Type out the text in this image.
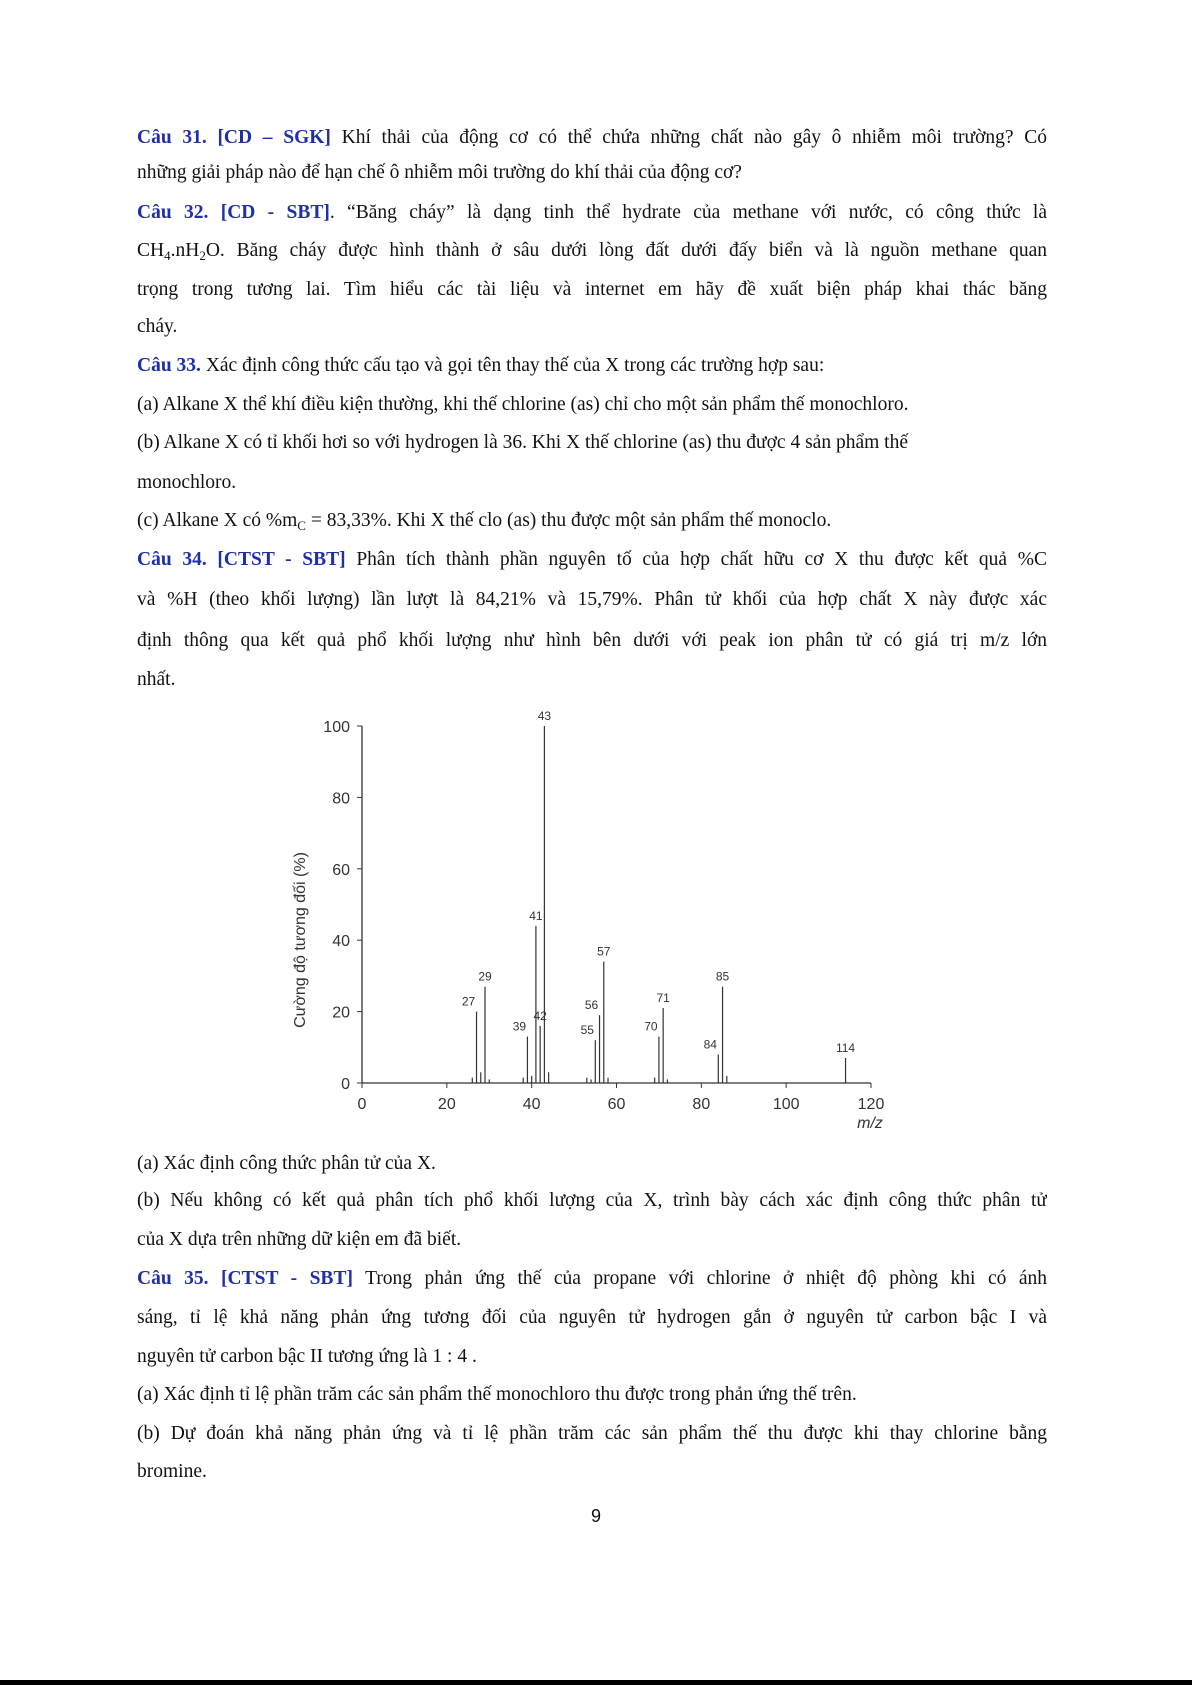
Câu 31. [CD – SGK] Khí thải của động cơ có thể chứa những chất nào gây ô nhiễm môi trường? Có
những giải pháp nào để hạn chế ô nhiễm môi trường do khí thải của động cơ?
Câu 32. [CD - SBT]. “Băng cháy” là dạng tinh thể hydrate của methane với nước, có công thức là
$CH_4.nH_2O$. Băng cháy được hình thành ở sâu dưới lòng đất dưới đấy biển và là nguồn methane quan
trọng trong tương lai. Tìm hiểu các tài liệu và internet em hãy đề xuất biện pháp khai thác băng
cháy.
Câu 33. Xác định công thức cấu tạo và gọi tên thay thế của X trong các trường hợp sau:
(a) Alkane X thể khí điều kiện thường, khi thế chlorine (as) chỉ cho một sản phẩm thế monochloro.
(b) Alkane X có tỉ khối hơi so với hydrogen là 36. Khi X thế chlorine (as) thu được 4 sản phẩm thế
monochloro.
(c) Alkane X có $\%m_C = 83,33\%$. Khi X thế clo (as) thu được một sản phẩm thế monoclo.
Câu 34. [CTST - SBT] Phân tích thành phần nguyên tố của hợp chất hữu cơ X thu được kết quả %C
và %H (theo khối lượng) lần lượt là 84,21% và 15,79%. Phân tử khối của hợp chất X này được xác
định thông qua kết quả phổ khối lượng như hình bên dưới với peak ion phân tử có giá trị m/z lớn
nhất.
0
20
40
60
80
100
0	20	40	60	80	100	120
27
29
39
41
42
43
55
56
57
70
71
84
85
114
Cường độ tương đối (%)
m/z
(a) Xác định công thức phân tử của X.
(b) Nếu không có kết quả phân tích phổ khối lượng của X, trình bày cách xác định công thức phân tử
của X dựa trên những dữ kiện em đã biết.
Câu 35. [CTST - SBT] Trong phản ứng thế của propane với chlorine ở nhiệt độ phòng khi có ánh
sáng, tỉ lệ khả năng phản ứng tương đối của nguyên tử hydrogen gắn ở nguyên tử carbon bậc I và
nguyên tử carbon bậc II tương ứng là 1 : 4 .
(a) Xác định tỉ lệ phần trăm các sản phẩm thế monochloro thu được trong phản ứng thế trên.
(b) Dự đoán khả năng phản ứng và tỉ lệ phần trăm các sản phẩm thế thu được khi thay chlorine bằng
bromine.
9
